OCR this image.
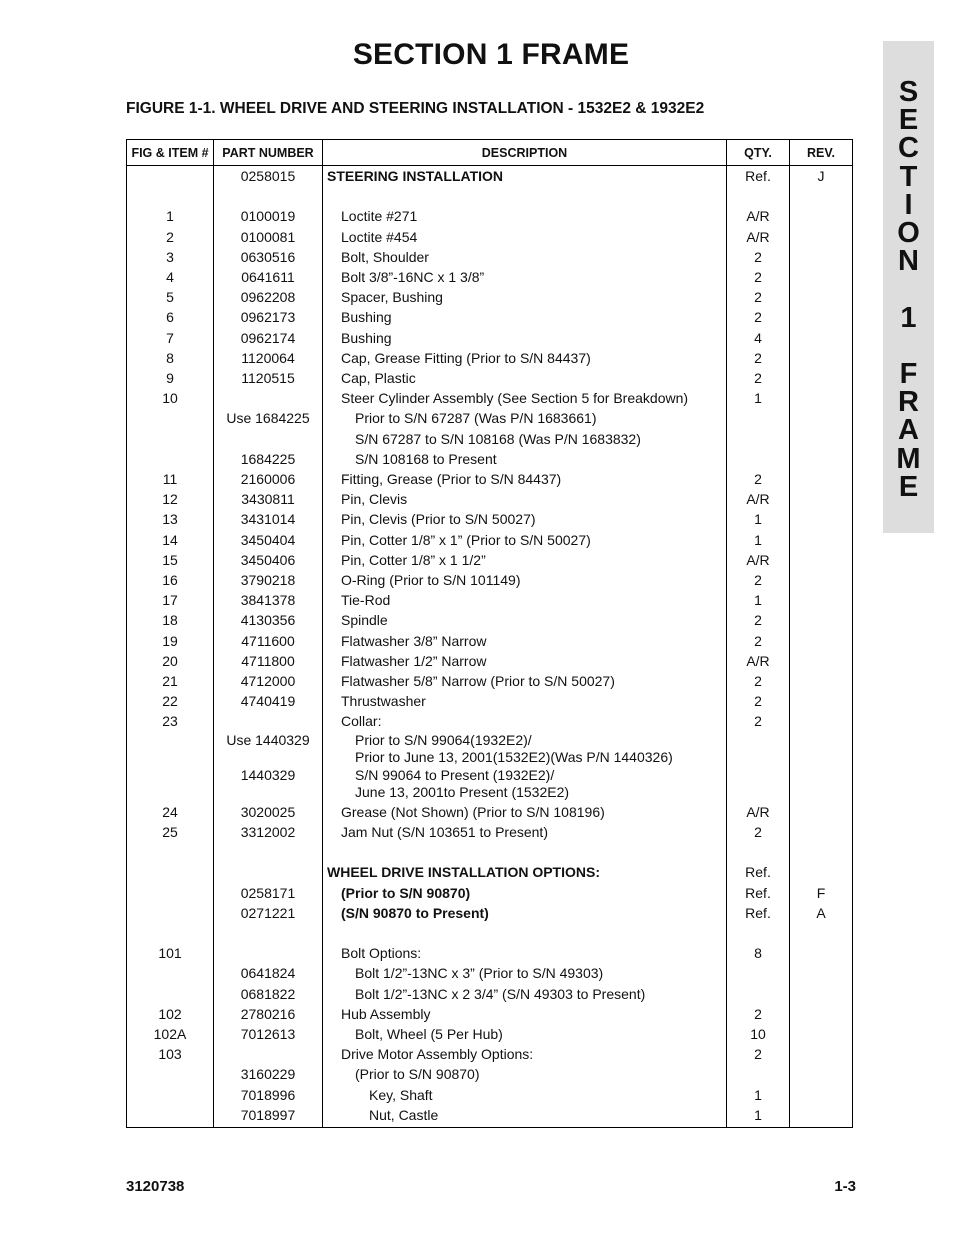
SECTION 1 FRAME
FIGURE 1-1. WHEEL DRIVE AND STEERING INSTALLATION - 1532E2 & 1932E2
S
E
C
T
I
O
N
1
F
R
A
M
E
FIG & ITEM #	PART NUMBER	DESCRIPTION	QTY.	REV.
	0258015	STEERING INSTALLATION	Ref.	J

1	0100019	Loctite #271	A/R	
2	0100081	Loctite #454	A/R	
3	0630516	Bolt, Shoulder	2	
4	0641611	Bolt 3/8”-16NC x 1 3/8”	2	
5	0962208	Spacer, Bushing	2	
6	0962173	Bushing	2	
7	0962174	Bushing	4	
8	1120064	Cap, Grease Fitting (Prior to S/N 84437)	2	
9	1120515	Cap, Plastic	2	
10		Steer Cylinder Assembly (See Section 5 for Breakdown)	1	
	Use 1684225	Prior to S/N 67287 (Was P/N 1683661)		

		S/N 67287 to S/N 108168 (Was P/N 1683832)		

	1684225	S/N 108168 to Present		

11	2160006	Fitting, Grease (Prior to S/N 84437)	2	
12	3430811	Pin, Clevis	A/R	
13	3431014	Pin, Clevis (Prior to S/N 50027)	1	
14	3450404	Pin, Cotter 1/8” x 1” (Prior to S/N 50027)	1	
15	3450406	Pin, Cotter 1/8” x 1 1/2”	A/R	
16	3790218	O-Ring (Prior to S/N 101149)	2	
17	3841378	Tie-Rod	1	
18	4130356	Spindle	2	
19	4711600	Flatwasher 3/8” Narrow	2	
20	4711800	Flatwasher 1/2” Narrow	A/R	
21	4712000	Flatwasher 5/8” Narrow (Prior to S/N 50027)	2	
22	4740419	Thrustwasher	2	
23		Collar:	2	
	Use 1440329	Prior to S/N 99064(1932E2)/
Prior to June 13, 2001(1532E2)(Was P/N 1440326)		

	1440329	S/N 99064 to Present (1932E2)/
June 13, 2001to Present (1532E2)		

24	3020025	Grease (Not Shown) (Prior to S/N 108196)	A/R	
25	3312002	Jam Nut (S/N 103651 to Present)	2	

		WHEEL DRIVE INSTALLATION OPTIONS:	Ref.	
	0258171	(Prior to S/N 90870)	Ref.	F
	0271221	(S/N 90870 to Present)	Ref.	A

101		Bolt Options:	8	
	0641824	Bolt 1/2”-13NC x 3” (Prior to S/N 49303)		

	0681822	Bolt 1/2”-13NC x 2 3/4” (S/N 49303 to Present)		

102	2780216	Hub Assembly	2	
102A	7012613	Bolt, Wheel (5 Per Hub)	10	
103		Drive Motor Assembly Options:	2	
	3160229	(Prior to S/N 90870)		

	7018996	Key, Shaft	1	
	7018997	Nut, Castle	1	
3120738	1-3
